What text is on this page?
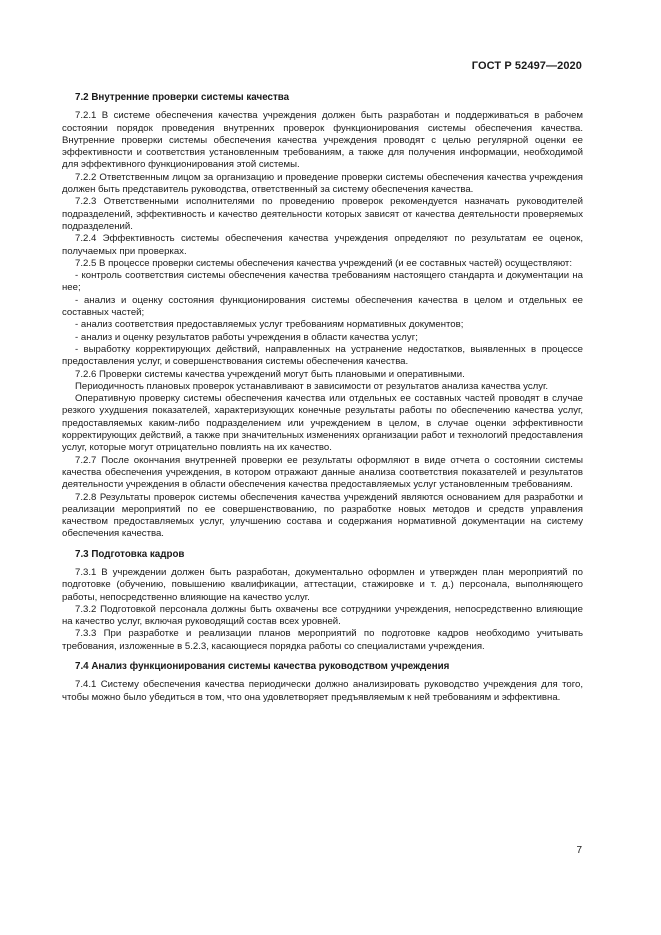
ГОСТ Р 52497—2020
7.2 Внутренние проверки системы качества

7.2.1 В системе обеспечения качества учреждения должен быть разработан и поддерживаться в рабочем состоянии порядок проведения внутренних проверок функционирования системы обеспечения качества. Внутренние проверки системы обеспечения качества учреждения проводят с целью регулярной оценки ее эффективности и соответствия установленным требованиям, а также для получения информации, необходимой для эффективного функционирования этой системы.

7.2.2 Ответственным лицом за организацию и проведение проверки системы обеспечения качества учреждения должен быть представитель руководства, ответственный за систему обеспечения качества.

7.2.3 Ответственными исполнителями по проведению проверок рекомендуется назначать руководителей подразделений, эффективность и качество деятельности которых зависят от качества деятельности проверяемых подразделений.

7.2.4 Эффективность системы обеспечения качества учреждения определяют по результатам ее оценок, получаемых при проверках.

7.2.5 В процессе проверки системы обеспечения качества учреждений (и ее составных частей) осуществляют:

- контроль соответствия системы обеспечения качества требованиям настоящего стандарта и документации на нее;

- анализ и оценку состояния функционирования системы обеспечения качества в целом и отдельных ее составных частей;

- анализ соответствия предоставляемых услуг требованиям нормативных документов;

- анализ и оценку результатов работы учреждения в области качества услуг;

- выработку корректирующих действий, направленных на устранение недостатков, выявленных в процессе предоставления услуг, и совершенствования системы обеспечения качества.

7.2.6 Проверки системы качества учреждений могут быть плановыми и оперативными.

Периодичность плановых проверок устанавливают в зависимости от результатов анализа качества услуг.

Оперативную проверку системы обеспечения качества или отдельных ее составных частей проводят в случае резкого ухудшения показателей, характеризующих конечные результаты работы по обеспечению качества услуг, предоставляемых каким-либо подразделением или учреждением в целом, в случае оценки эффективности корректирующих действий, а также при значительных изменениях организации работ и технологий предоставления услуг, которые могут отрицательно повлиять на их качество.

7.2.7 После окончания внутренней проверки ее результаты оформляют в виде отчета о состоянии системы качества обеспечения учреждения, в котором отражают данные анализа соответствия показателей и результатов деятельности учреждения в области обеспечения качества предоставляемых услуг установленным требованиям.

7.2.8 Результаты проверок системы обеспечения качества учреждений являются основанием для разработки и реализации мероприятий по ее совершенствованию, по разработке новых методов и средств управления качеством предоставляемых услуг, улучшению состава и содержания нормативной документации на систему обеспечения качества.

7.3 Подготовка кадров

7.3.1 В учреждении должен быть разработан, документально оформлен и утвержден план мероприятий по подготовке (обучению, повышению квалификации, аттестации, стажировке и т. д.) персонала, выполняющего работы, непосредственно влияющие на качество услуг.

7.3.2 Подготовкой персонала должны быть охвачены все сотрудники учреждения, непосредственно влияющие на качество услуг, включая руководящий состав всех уровней.

7.3.3 При разработке и реализации планов мероприятий по подготовке кадров необходимо учитывать требования, изложенные в 5.2.3, касающиеся порядка работы со специалистами учреждения.

7.4 Анализ функционирования системы качества руководством учреждения

7.4.1 Систему обеспечения качества периодически должно анализировать руководство учреждения для того, чтобы можно было убедиться в том, что она удовлетворяет предъявляемым к ней требованиям и эффективна.

7
